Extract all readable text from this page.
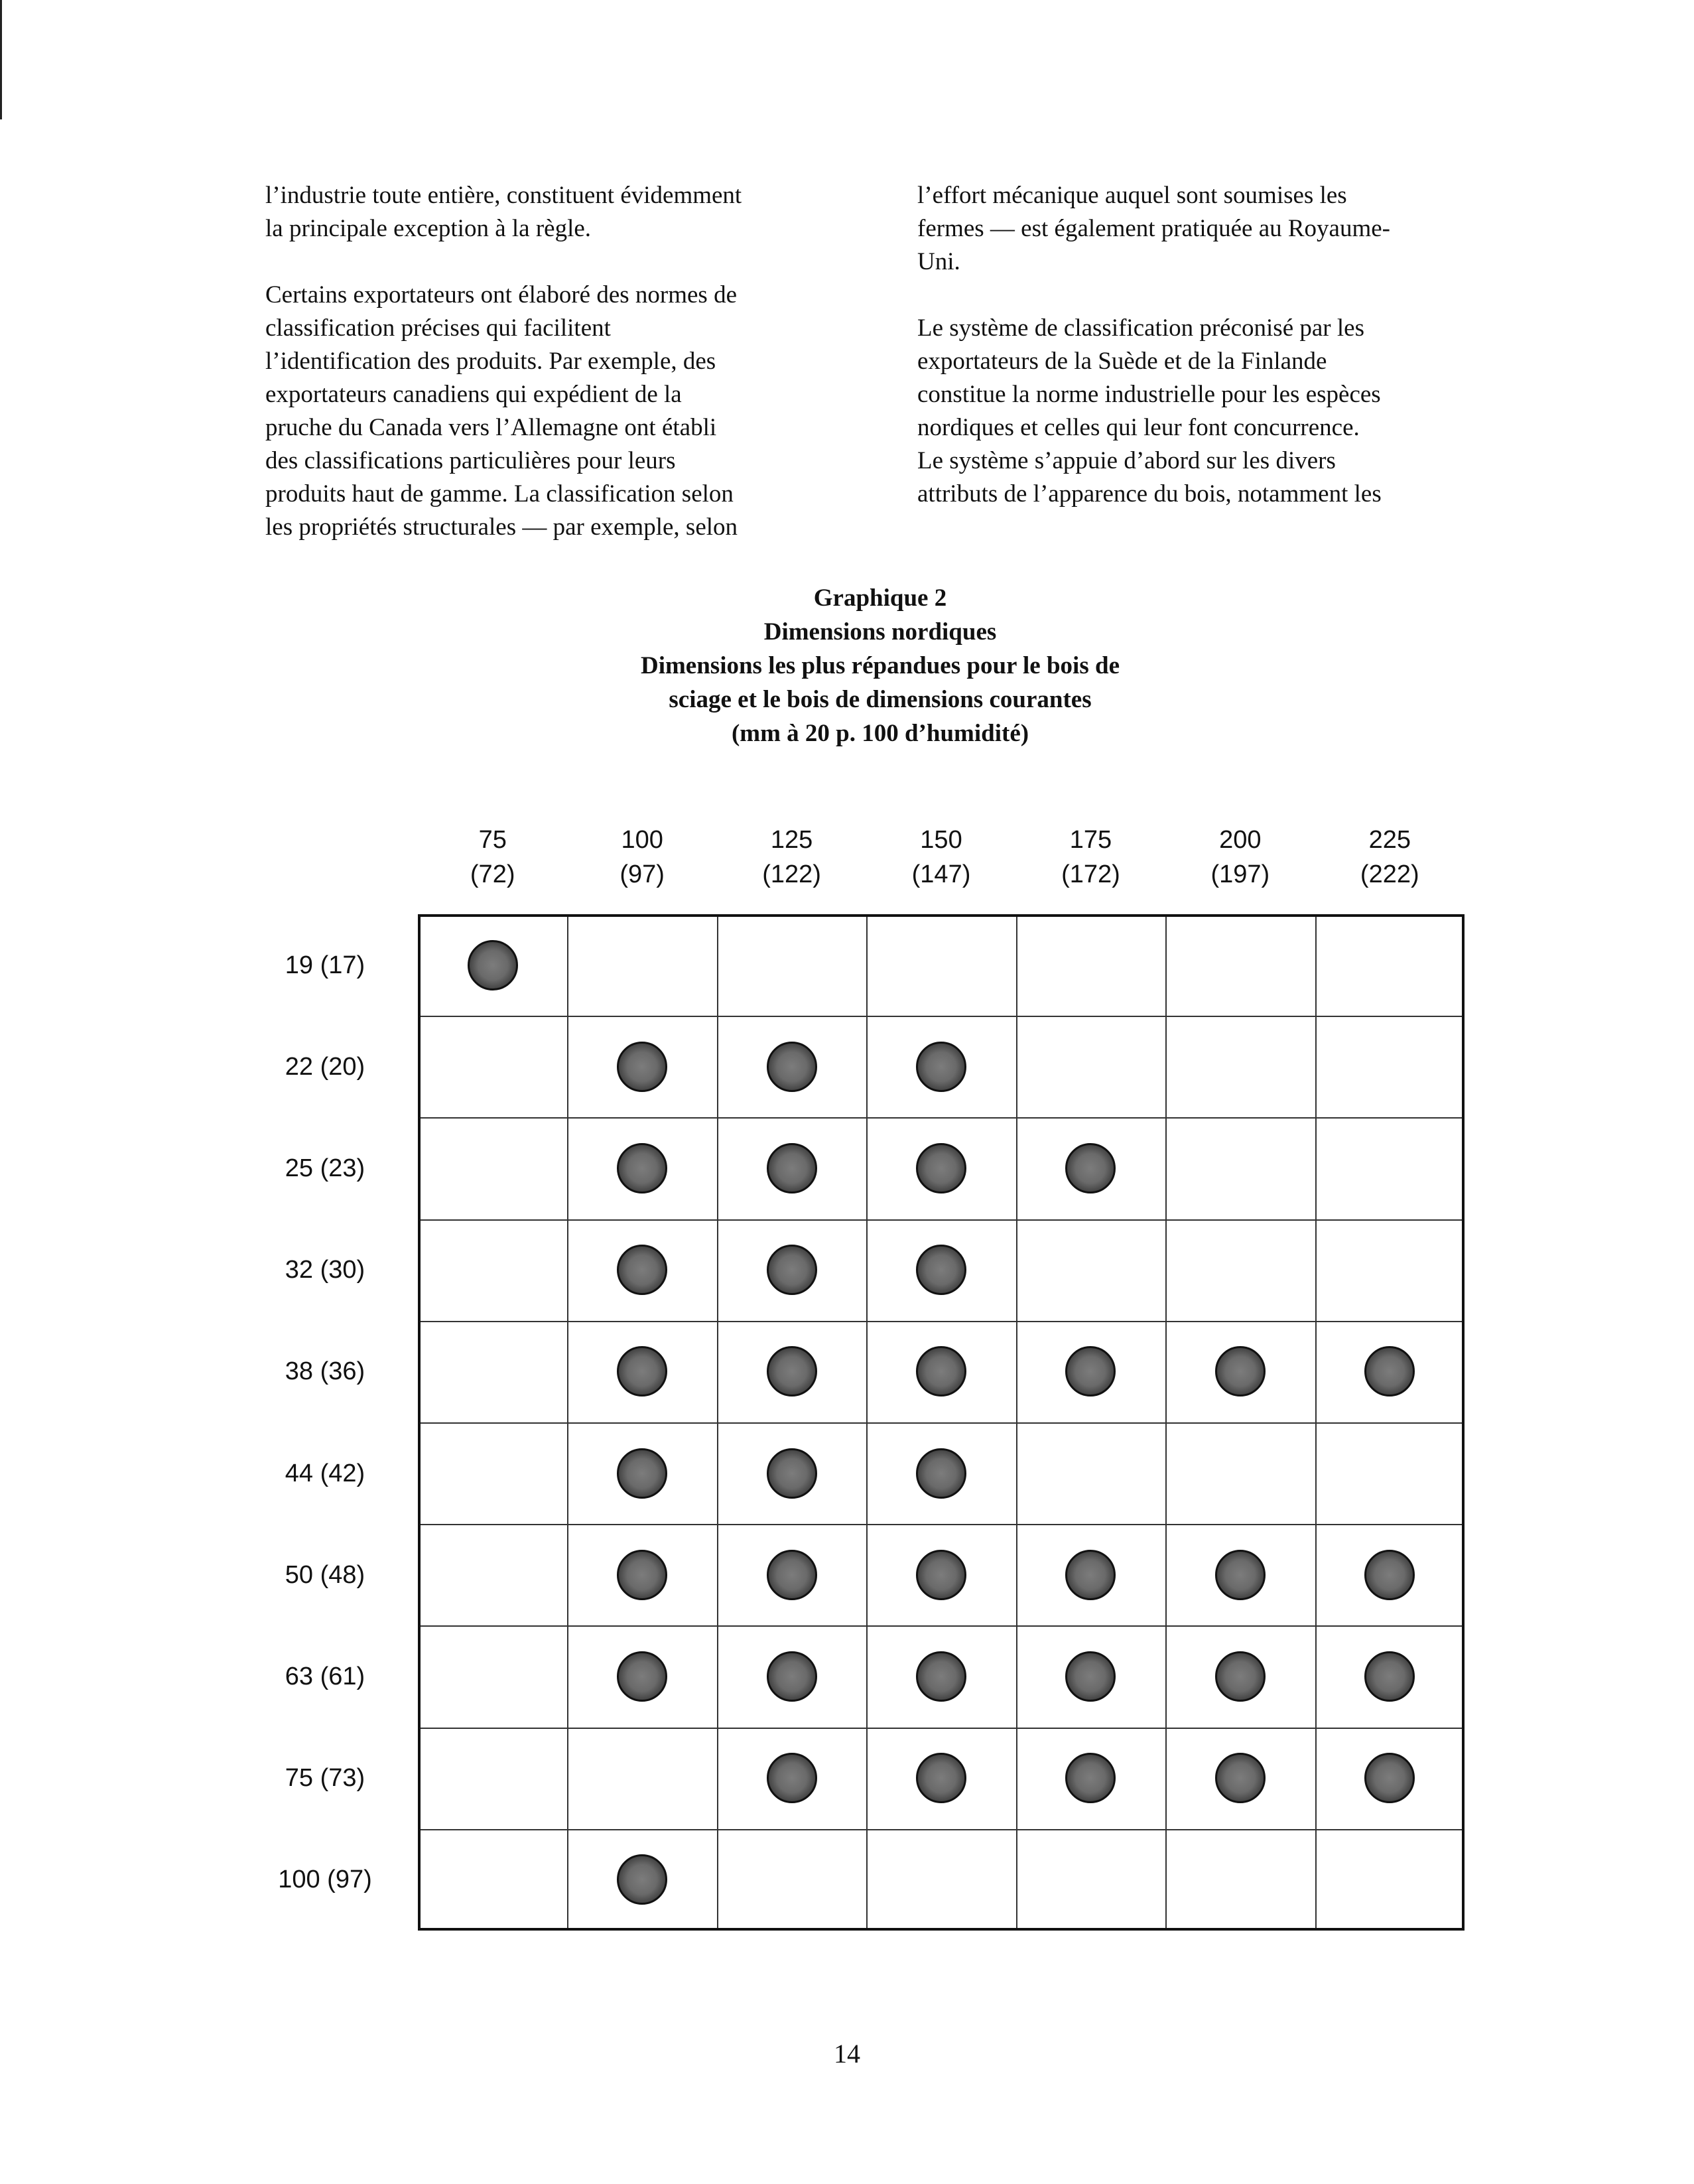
l’industrie toute entière, constituent évidemment
la principale exception à la règle.

Certains exportateurs ont élaboré des normes de
classification précises qui facilitent
l’identification des produits. Par exemple, des
exportateurs canadiens qui expédient de la
pruche du Canada vers l’Allemagne ont établi
des classifications particulières pour leurs
produits haut de gamme. La classification selon
les propriétés structurales — par exemple, selon

l’effort mécanique auquel sont soumises les
fermes — est également pratiquée au Royaume-
Uni.

Le système de classification préconisé par les
exportateurs de la Suède et de la Finlande
constitue la norme industrielle pour les espèces
nordiques et celles qui leur font concurrence.
Le système s’appuie d’abord sur les divers
attributs de l’apparence du bois, notamment les

Graphique 2
Dimensions nordiques
Dimensions les plus répandues pour le bois de
sciage et le bois de dimensions courantes
(mm à 20 p. 100 d’humidité)
75
(72)
100
(97)
125
(122)
150
(147)
175
(172)
200
(197)
225
(222)
19 (17)
22 (20)
25 (23)
32 (30)
38 (36)
44 (42)
50 (48)
63 (61)
75 (73)
100 (97)
14
